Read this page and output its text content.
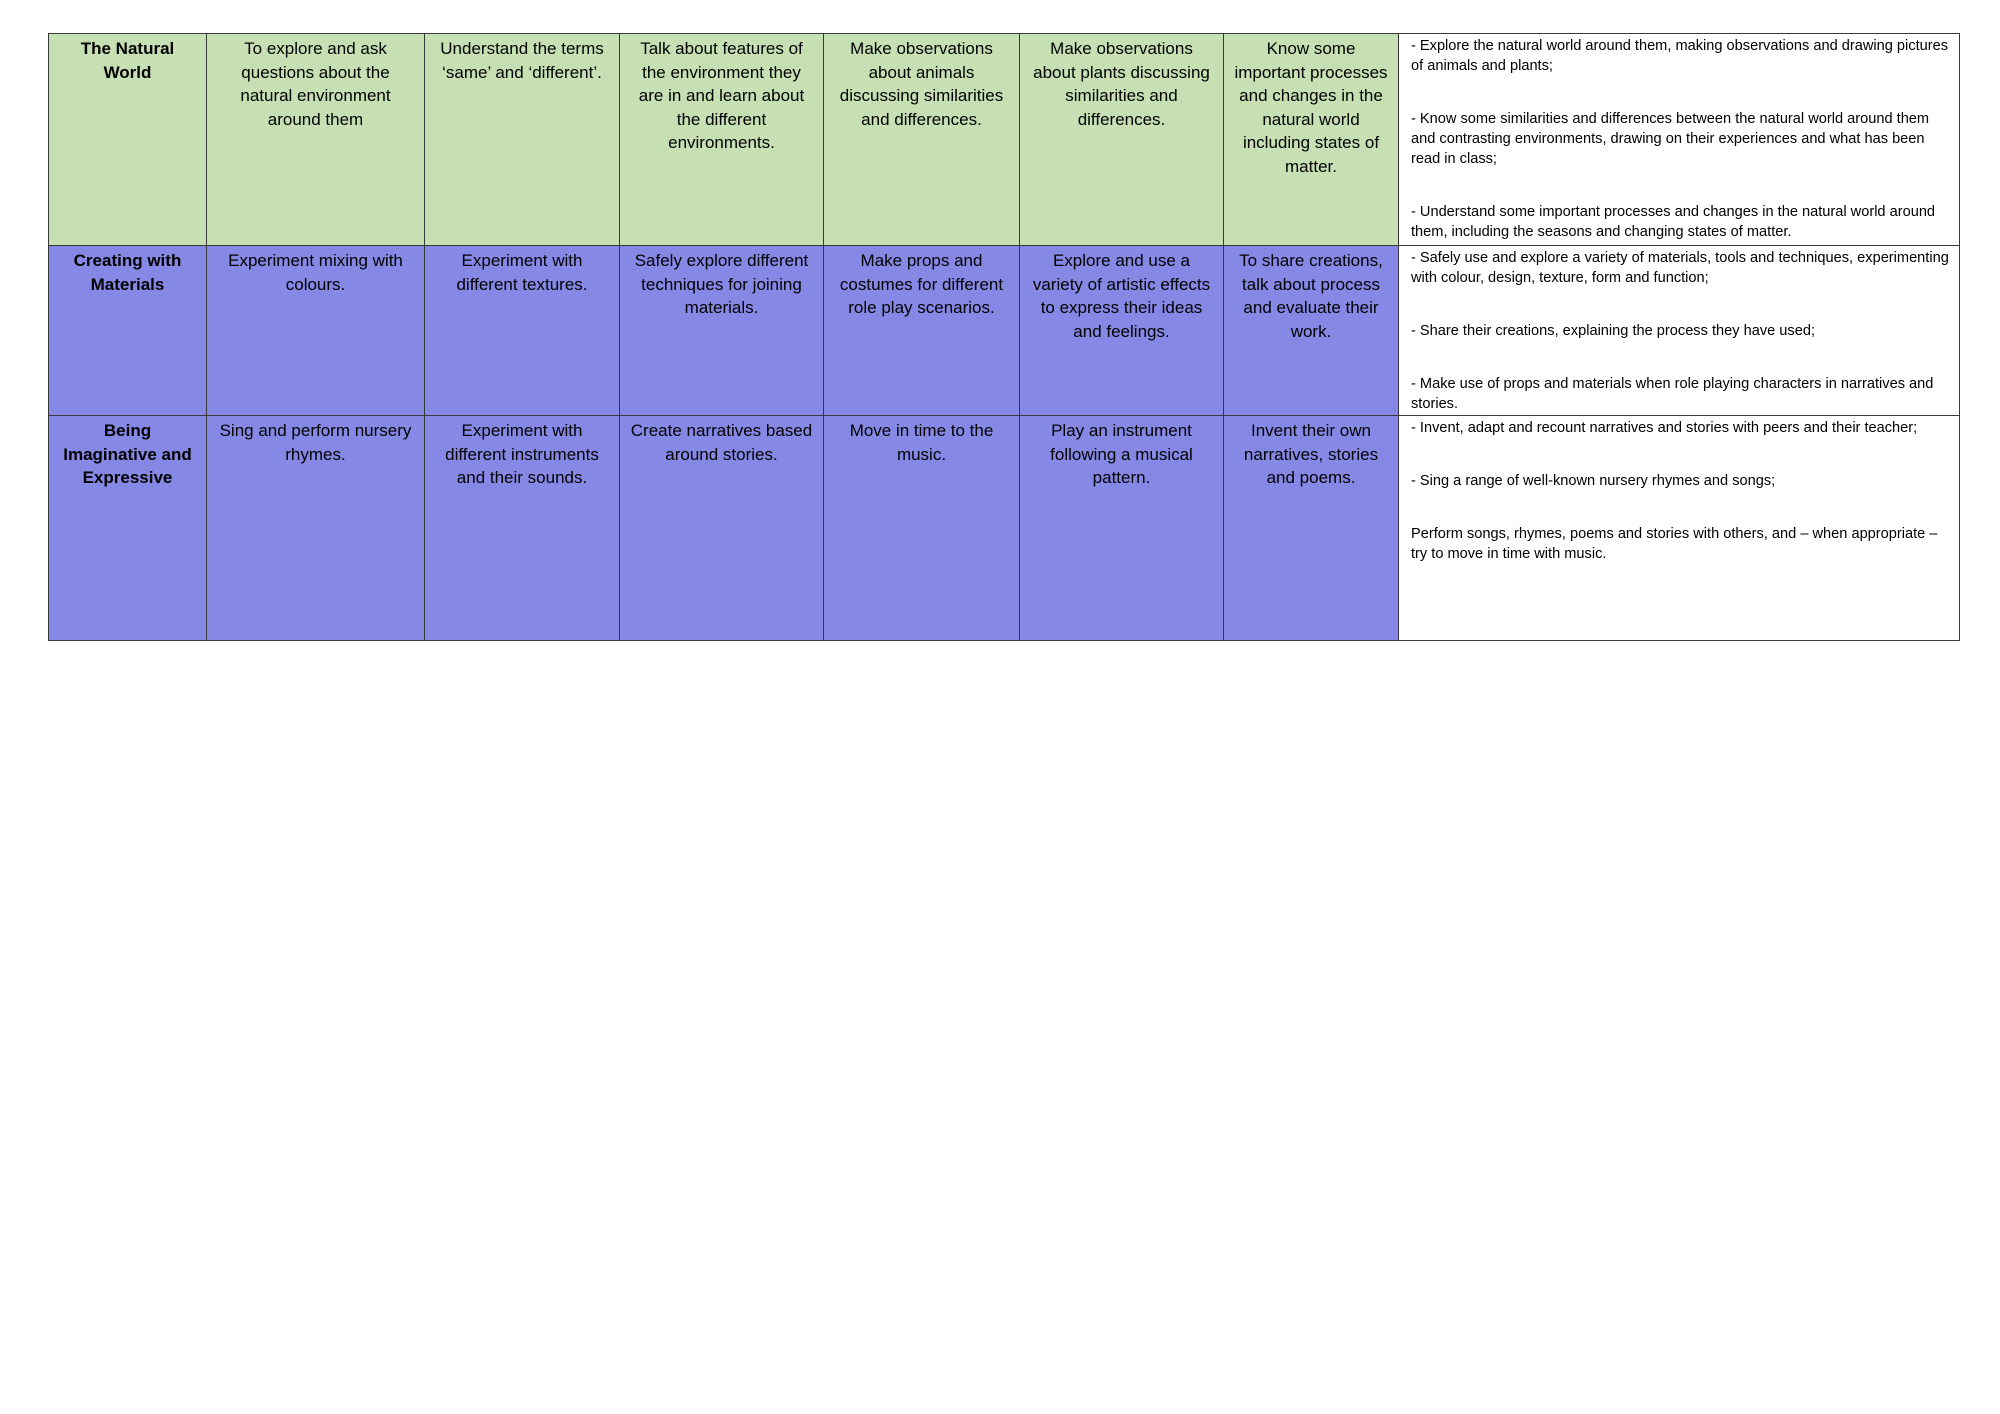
The Natural World	To explore and ask questions about the natural environment around them	Understand the terms ‘same’ and ‘different’.	Talk about features of the environment they are in and learn about the different environments.	Make observations about animals discussing similarities and differences.	Make observations about plants discussing similarities and differences.	Know some important processes and changes in the natural world including states of matter.	- Explore the natural world around them, making observations and drawing pictures of animals and plants;

- Know some similarities and differences between the natural world around them and contrasting environments, drawing on their experiences and what has been read in class;

- Understand some important processes and changes in the natural world around them, including the seasons and changing states of matter.

Creating with Materials	Experiment mixing with colours.	Experiment with different textures.	Safely explore different techniques for joining materials.	Make props and costumes for different role play scenarios.	Explore and use a variety of artistic effects to express their ideas and feelings.	To share creations, talk about process and evaluate their work.	- Safely use and explore a variety of materials, tools and techniques, experimenting with colour, design, texture, form and function;

- Share their creations, explaining the process they have used;

- Make use of props and materials when role playing characters in narratives and stories.

Being Imaginative and Expressive	Sing and perform nursery rhymes.	Experiment with different instruments and their sounds.	Create narratives based around stories.	Move in time to the music.	Play an instrument following a musical pattern.	Invent their own narratives, stories and poems.	- Invent, adapt and recount narratives and stories with peers and their teacher;

- Sing a range of well-known nursery rhymes and songs;

Perform songs, rhymes, poems and stories with others, and – when appropriate – try to move in time with music.
